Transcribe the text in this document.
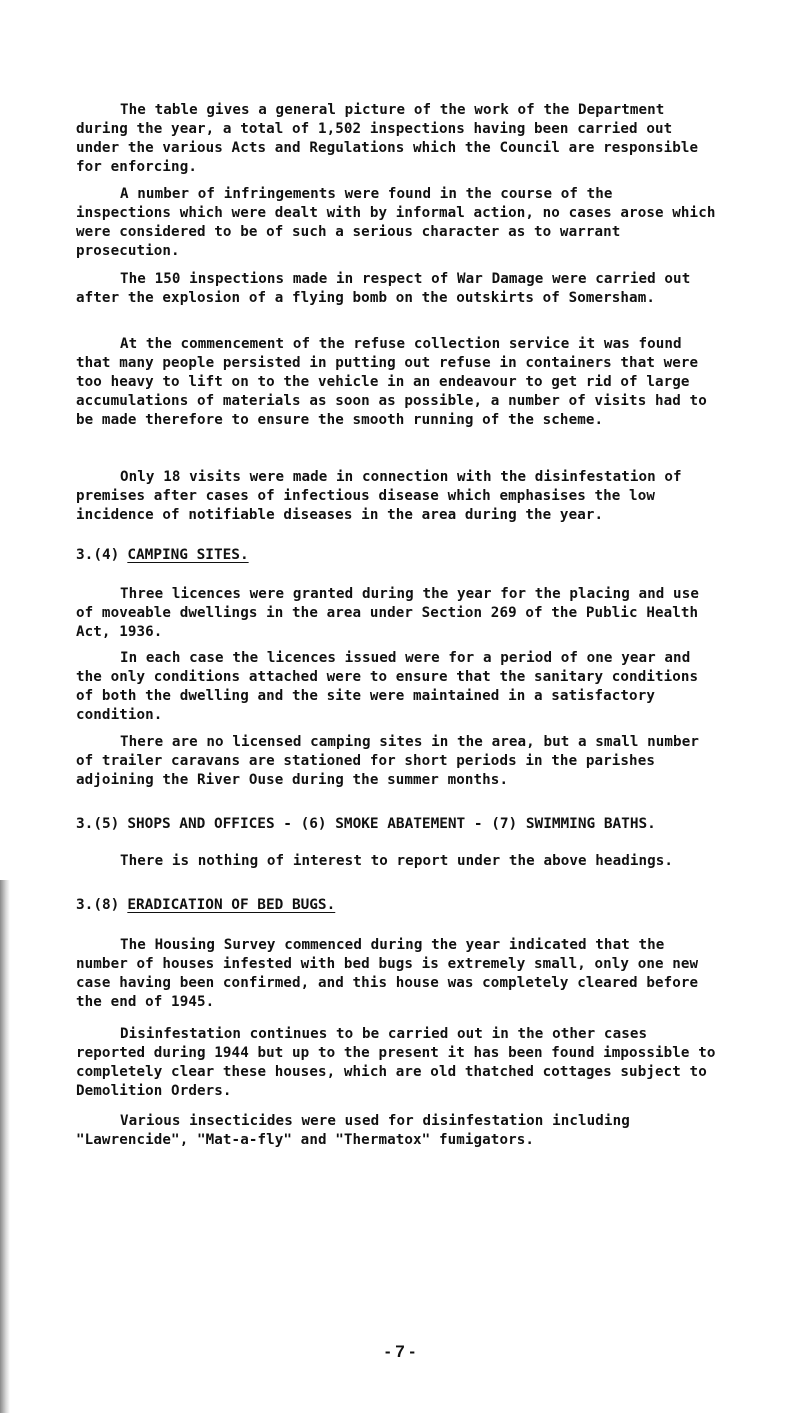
The table gives a general picture of the work of the Department during the year, a total of 1,502 inspections having been carried out under the various Acts and Regulations which the Council are responsible for enforcing.

A number of infringements were found in the course of the inspections which were dealt with by informal action, no cases arose which were considered to be of such a serious character as to warrant prosecution.

The 150 inspections made in respect of War Damage were carried out after the explosion of a flying bomb on the outskirts of Somersham.

At the commencement of the refuse collection service it was found that many people persisted in putting out refuse in containers that were too heavy to lift on to the vehicle in an endeavour to get rid of large accumulations of materials as soon as possible, a number of visits had to be made therefore to ensure the smooth running of the scheme.

Only 18 visits were made in connection with the disinfestation of premises after cases of infectious disease which emphasises the low incidence of notifiable diseases in the area during the year.

3.(4) CAMPING SITES.

Three licences were granted during the year for the placing and use of moveable dwellings in the area under Section 269 of the Public Health Act, 1936.

In each case the licences issued were for a period of one year and the only conditions attached were to ensure that the sanitary conditions of both the dwelling and the site were maintained in a satisfactory condition.

There are no licensed camping sites in the area, but a small number of trailer caravans are stationed for short periods in the parishes adjoining the River Ouse during the summer months.

3.(5) SHOPS AND OFFICES - (6) SMOKE ABATEMENT - (7) SWIMMING BATHS.

There is nothing of interest to report under the above headings.

3.(8) ERADICATION OF BED BUGS.

The Housing Survey commenced during the year indicated that the number of houses infested with bed bugs is extremely small, only one new case having been confirmed, and this house was completely cleared before the end of 1945.

Disinfestation continues to be carried out in the other cases reported during 1944 but up to the present it has been found impossible to completely clear these houses, which are old thatched cottages subject to Demolition Orders.

Various insecticides were used for disinfestation including "Lawrencide", "Mat-a-fly" and "Thermatox" fumigators.

- 7 -
